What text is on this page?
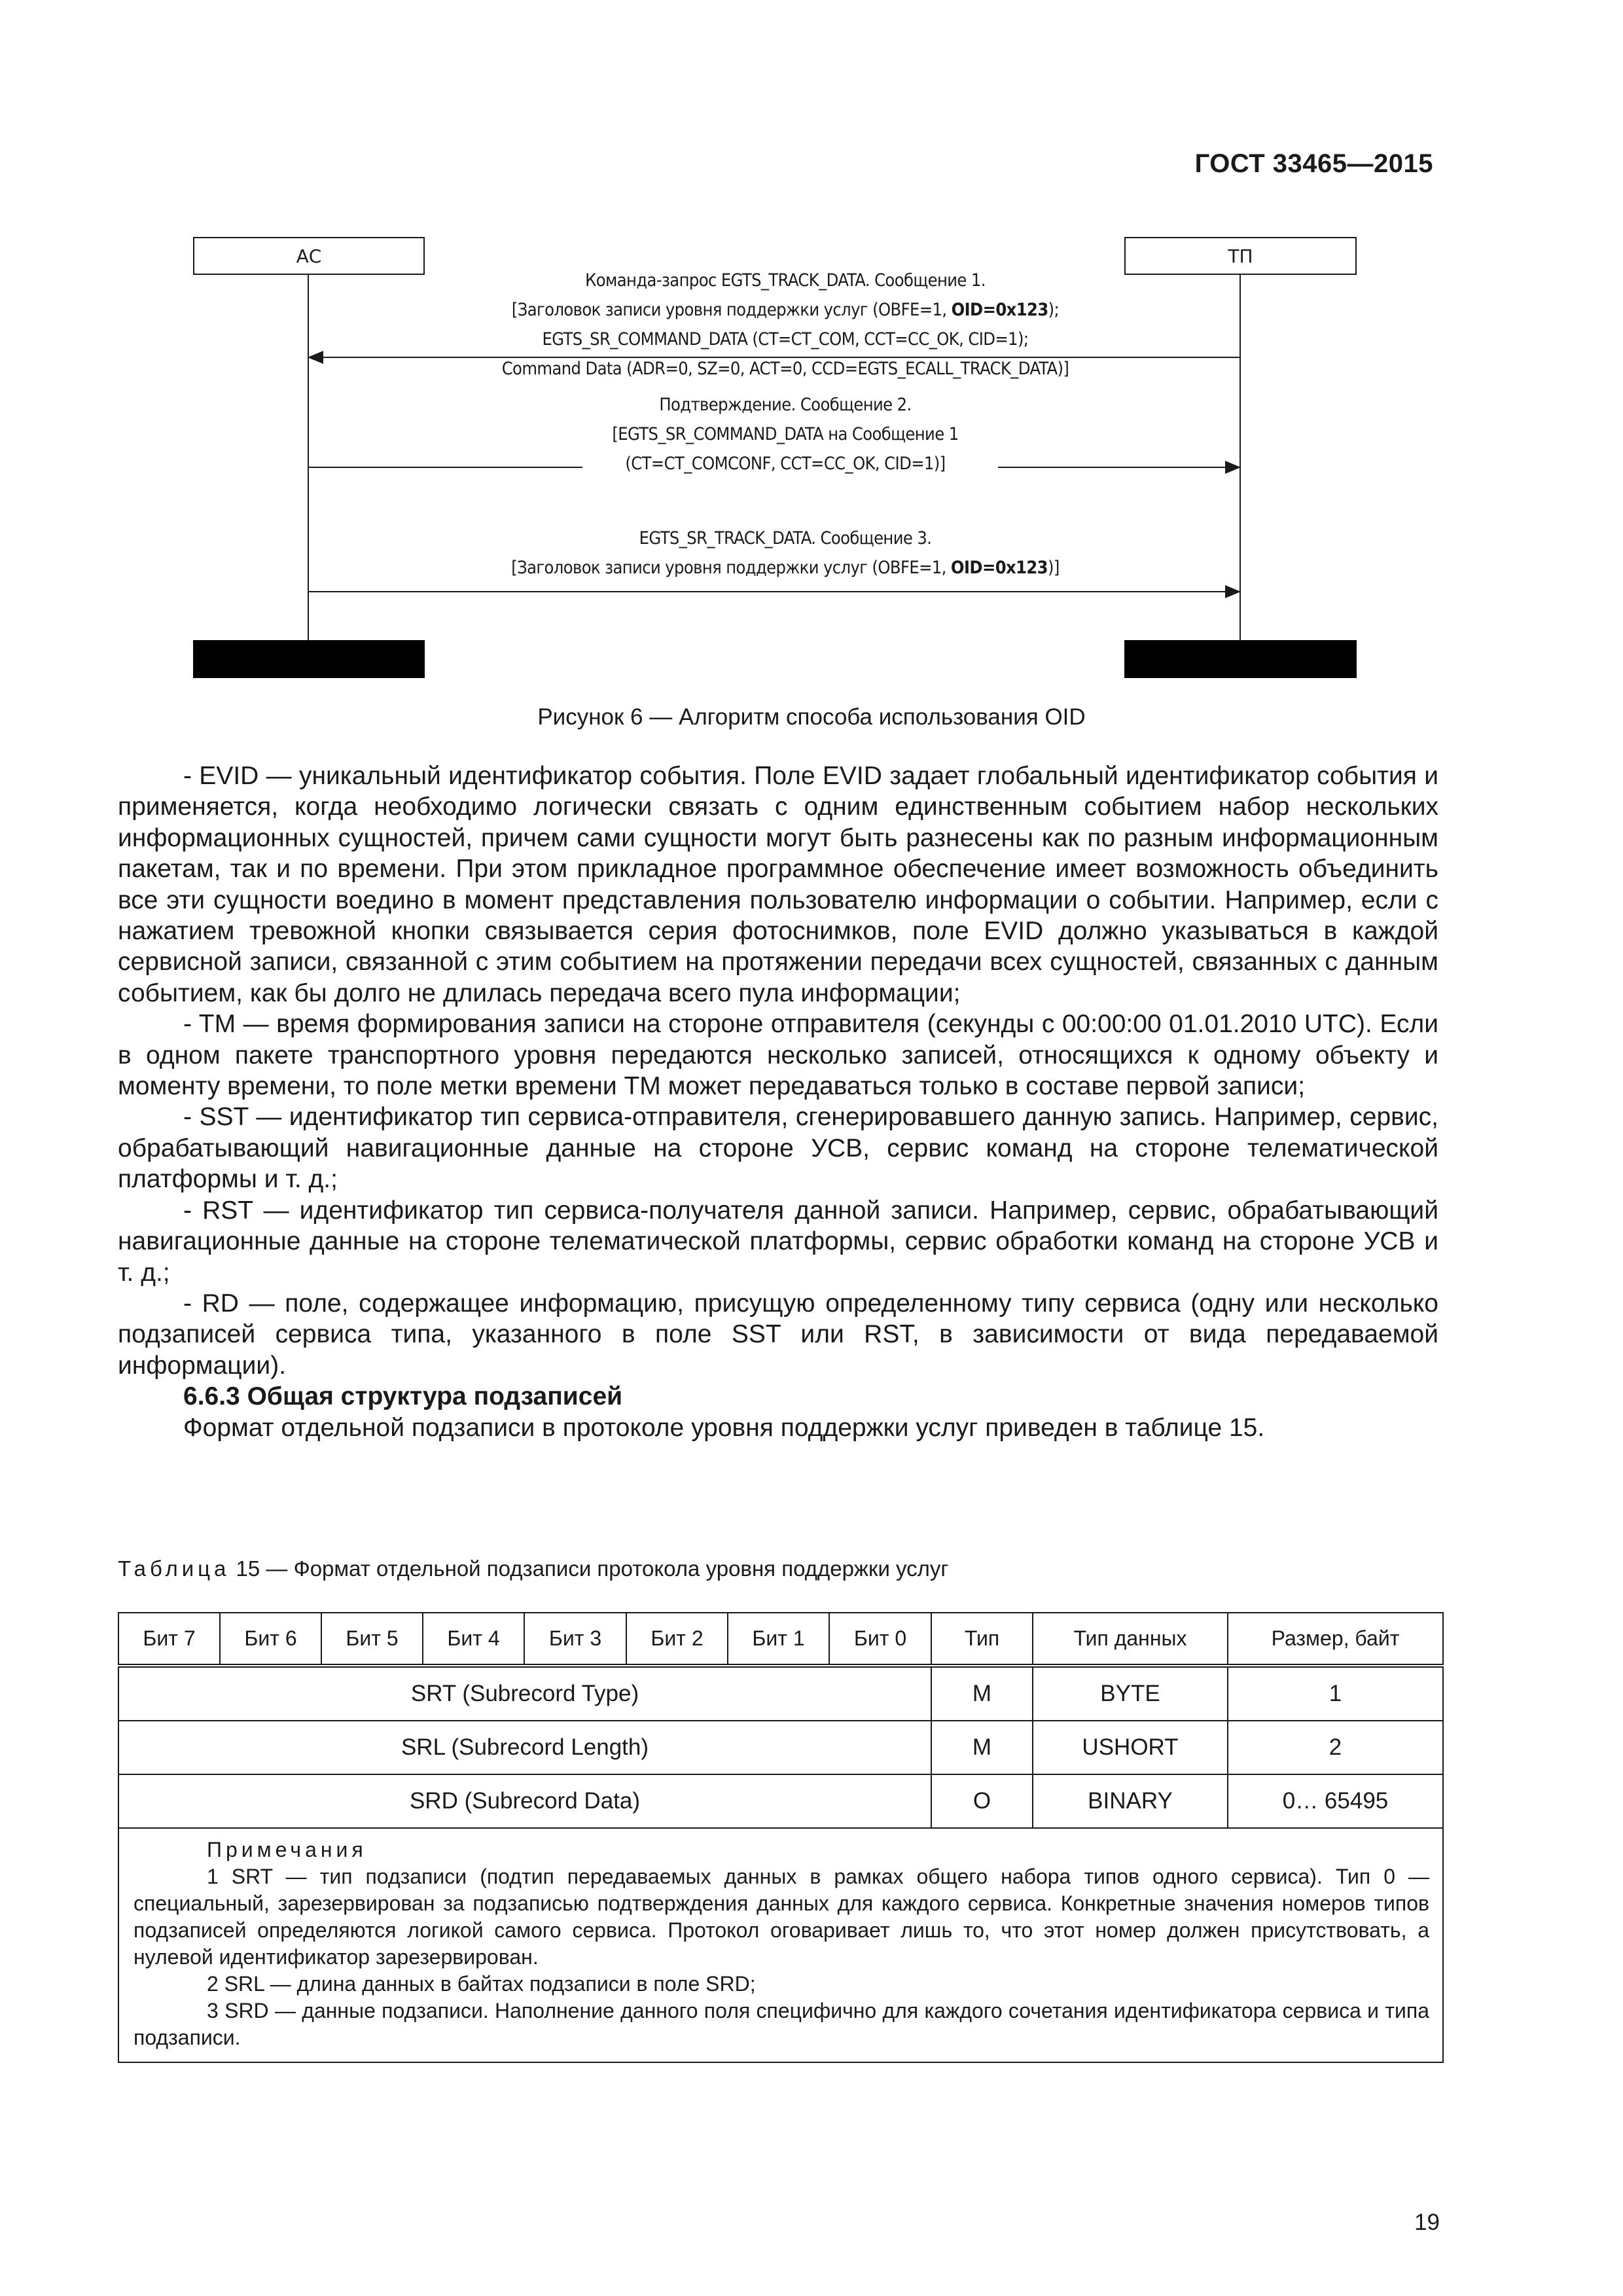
ГОСТ 33465—2015
АС	ТП
Команда-запрос EGTS_TRACK_DATA. Сообщение 1.
[Заголовок записи уровня поддержки услуг (OBFE=1, OID=0x123);
EGTS_SR_COMMAND_DATA (CT=CT_COM, CCT=CC_OK, CID=1);
Command Data (ADR=0, SZ=0, ACT=0, CCD=EGTS_ECALL_TRACK_DATA)]
Подтверждение. Сообщение 2.
[EGTS_SR_COMMAND_DATA на Сообщение 1
(CT=CT_COMCONF, CCT=CC_OK, CID=1)]
EGTS_SR_TRACK_DATA. Сообщение 3.
[Заголовок записи уровня поддержки услуг (OBFE=1, OID=0x123)]
Рисунок 6 — Алгоритм способа использования OID

- EVID — уникальный идентификатор события. Поле EVID задает глобальный идентификатор события и применяется, когда необходимо логически связать с одним единственным событием набор нескольких информационных сущностей, причем сами сущности могут быть разнесены как по разным информационным пакетам, так и по времени. При этом прикладное программное обеспечение имеет возможность объединить все эти сущности воедино в момент представления пользователю информации о событии. Например, если с нажатием тревожной кнопки связывается серия фотоснимков, поле EVID должно указываться в каждой сервисной записи, связанной с этим событием на протяжении передачи всех сущностей, связанных с данным событием, как бы долго не длилась передача всего пула информации;

- TM — время формирования записи на стороне отправителя (секунды с 00:00:00 01.01.2010 UTC). Если в одном пакете транспортного уровня передаются несколько записей, относящихся к одному объекту и моменту времени, то поле метки времени TM может передаваться только в составе первой записи;

- SST — идентификатор тип сервиса-отправителя, сгенерировавшего данную запись. Например, сервис, обрабатывающий навигационные данные на стороне УСВ, сервис команд на стороне телематической платформы и т. д.;

- RST — идентификатор тип сервиса-получателя данной записи. Например, сервис, обрабатывающий навигационные данные на стороне телематической платформы, сервис обработки команд на стороне УСВ и т. д.;

- RD — поле, содержащее информацию, присущую определенному типу сервиса (одну или несколько подзаписей сервиса типа, указанного в поле SST или RST, в зависимости от вида передаваемой информации).

6.6.3 Общая структура подзаписей

Формат отдельной подзаписи в протоколе уровня поддержки услуг приведен в таблице 15.

Таблица 15 — Формат отдельной подзаписи протокола уровня поддержки услуг
Бит 7	Бит 6	Бит 5	Бит 4	Бит 3	Бит 2	Бит 1	Бит 0	Тип	Тип данных	Размер, байт
SRT (Subrecord Type)								M	BYTE	1
SRL (Subrecord Length)								M	USHORT	2
SRD (Subrecord Data)								O	BINARY	0… 65495

Примечания
1 SRT — тип подзаписи (подтип передаваемых данных в рамках общего набора типов одного сервиса). Тип 0 — специальный, зарезервирован за подзаписью подтверждения данных для каждого сервиса. Конкретные значения номеров типов подзаписей определяются логикой самого сервиса. Протокол оговаривает лишь то, что этот номер должен присутствовать, а нулевой идентификатор зарезервирован.
2 SRL — длина данных в байтах подзаписи в поле SRD;
3 SRD — данные подзаписи. Наполнение данного поля специфично для каждого сочетания идентификатора сервиса и типа подзаписи.										
19
